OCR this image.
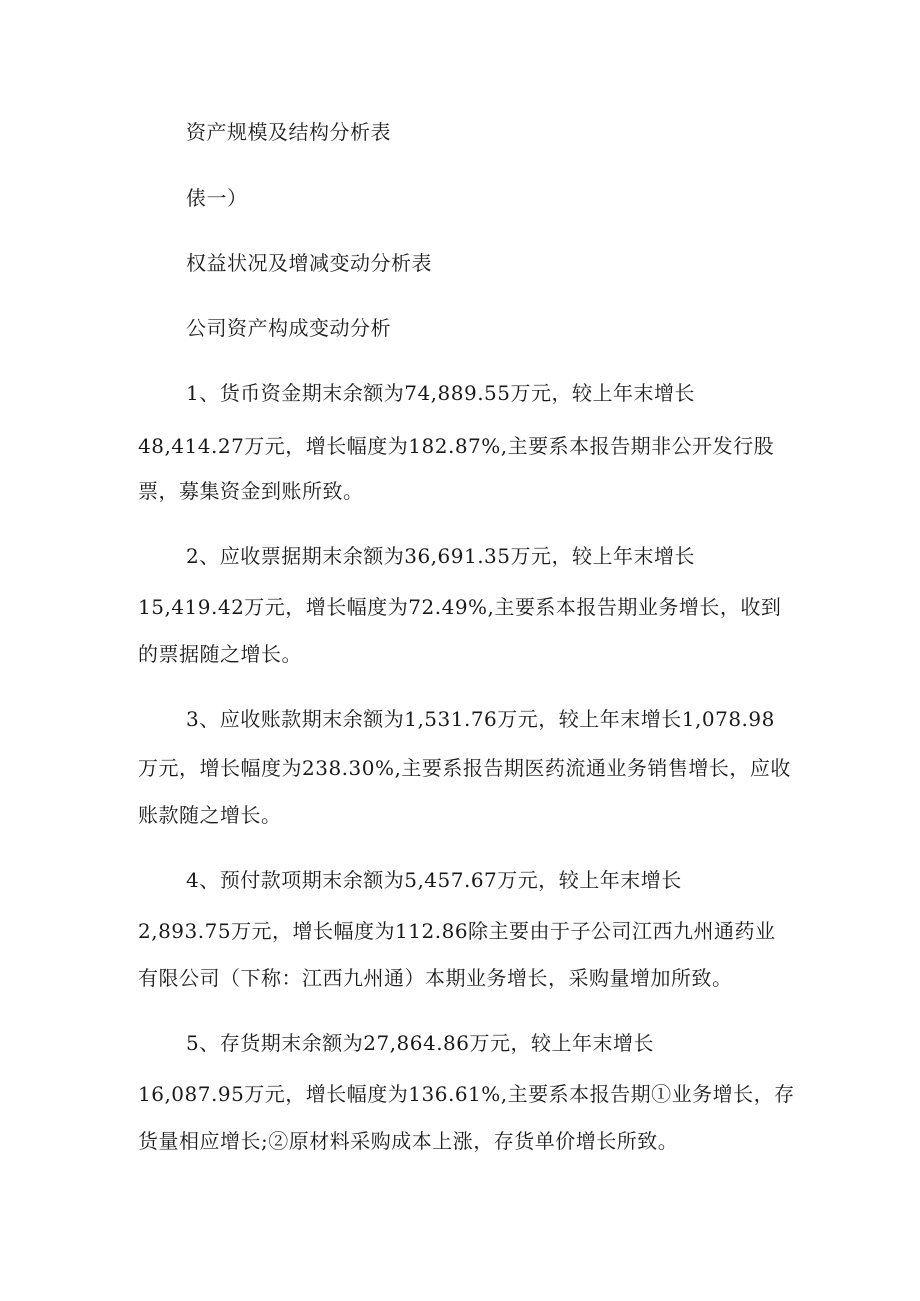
资产规模及结构分析表

俵一）

权益状况及增减变动分析表

公司资产构成变动分析

1、货币资金期末余额为74,889.55万元，较上年末增长

48,414.27万元，增长幅度为182.87%,主要系本报告期非公开发行股

票，募集资金到账所致。

2、应收票据期末余额为36,691.35万元，较上年末增长

15,419.42万元，增长幅度为72.49%,主要系本报告期业务增长，收到

的票据随之增长。

3、应收账款期末余额为1,531.76万元，较上年末增长1,078.98

万元，增长幅度为238.30%,主要系报告期医药流通业务销售增长，应收

账款随之增长。

4、预付款项期末余额为5,457.67万元，较上年末增长

2,893.75万元，增长幅度为112.86除主要由于子公司江西九州通药业

有限公司（下称：江西九州通）本期业务增长，采购量增加所致。

5、存货期末余额为27,864.86万元，较上年末增长

16,087.95万元，增长幅度为136.61%,主要系本报告期①业务增长，存

货量相应增长;②原材料采购成本上涨，存货单价增长所致。
